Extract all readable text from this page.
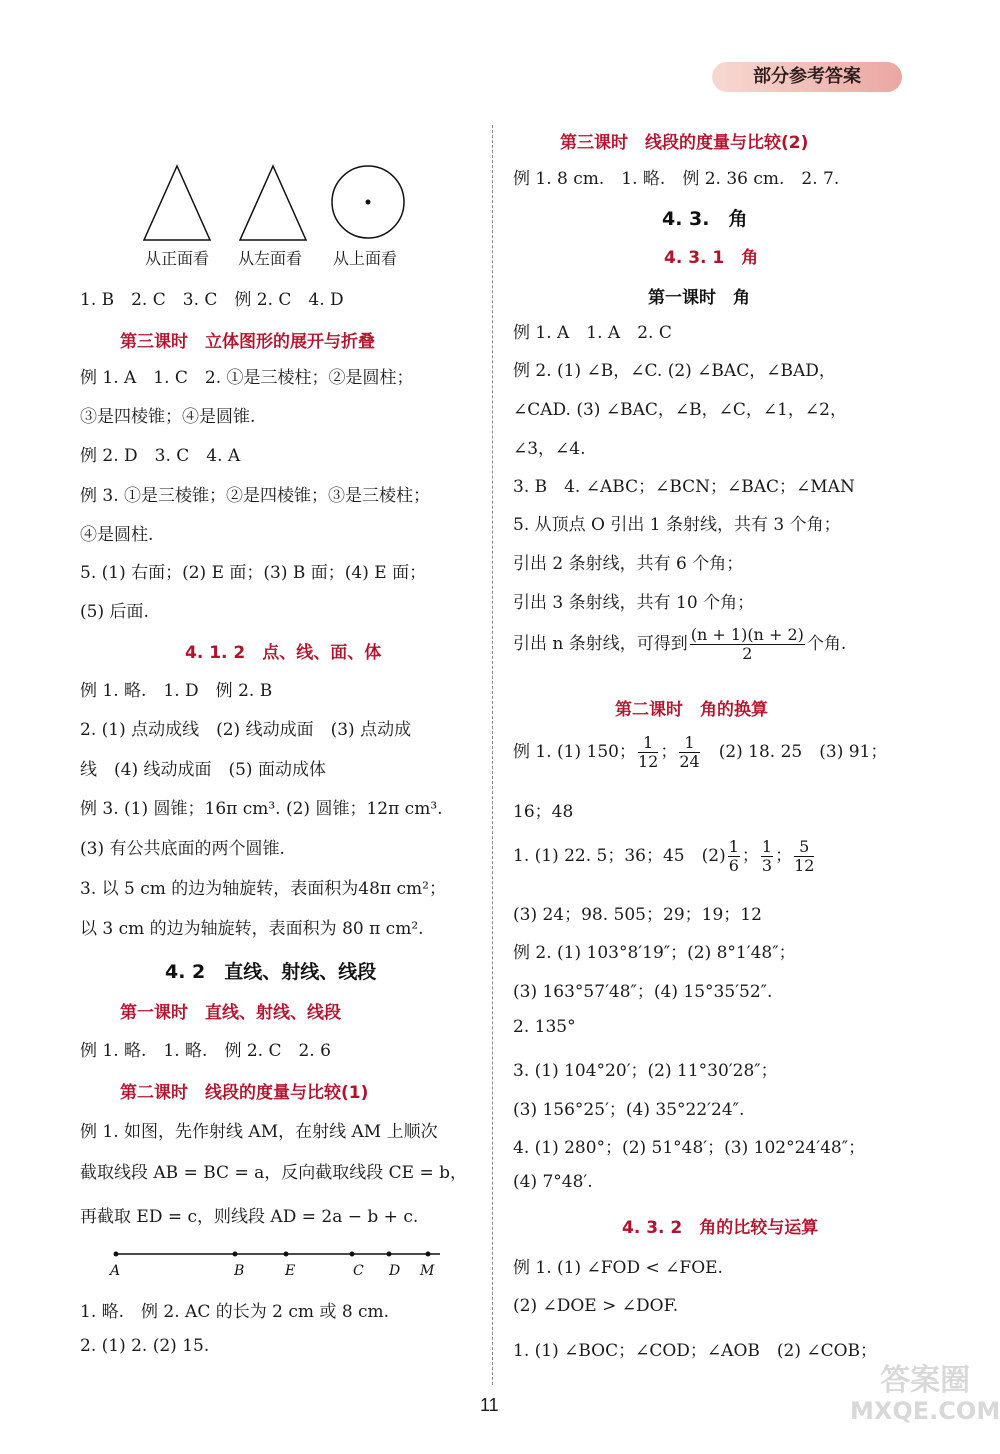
部分参考答案
从正面看 从左面看 从上面看
1. B　2. C　3. C　例 2. C　4. D
第三课时　立体图形的展开与折叠
例 1. A　1. C　2. ①是三棱柱；②是圆柱；
③是四棱锥；④是圆锥.
例 2. D　3. C　4. A
例 3. ①是三棱锥；②是四棱锥；③是三棱柱；
④是圆柱.
5. (1) 右面；(2) E 面；(3) B 面；(4) E 面；
(5) 后面.
4. 1. 2　点、线、面、体
例 1. 略.　1. D　例 2. B
2. (1) 点动成线　(2) 线动成面　(3) 点动成
线　(4) 线动成面　(5) 面动成体
例 3. (1) 圆锥；16π cm³. (2) 圆锥；12π cm³.
(3) 有公共底面的两个圆锥.
3. 以 5 cm 的边为轴旋转，表面积为48π cm²；
以 3 cm 的边为轴旋转，表面积为 80 π cm².
4. 2　直线、射线、线段
第一课时　直线、射线、线段
例 1. 略.　1. 略.　例 2. C　2. 6
第二课时　线段的度量与比较(1)
例 1. 如图，先作射线 AM，在射线 AM 上顺次
截取线段 AB = BC = a，反向截取线段 CE = b，
再截取 ED = c，则线段 AD = 2a − b + c.
A	B	E	C D M
1. 略.　例 2. AC 的长为 2 cm 或 8 cm.
2. (1) 2. (2) 15.
第三课时　线段的度量与比较(2)
例 1. 8 cm.　1. 略.　例 2. 36 cm.　2. 7.
4. 3.　角
4. 3. 1　角
第一课时　角
例 1. A　1. A　2. C
例 2. (1) ∠B，∠C. (2) ∠BAC，∠BAD，
∠CAD. (3) ∠BAC，∠B，∠C，∠1，∠2，
∠3，∠4.
3. B　4. ∠ABC；∠BCN；∠BAC；∠MAN
5. 从顶点 O 引出 1 条射线，共有 3 个角；
引出 2 条射线，共有 6 个角；
引出 3 条射线，共有 10 个角；
引出 n 条射线，可得到 $\frac{(n + 1)(n + 2)}{2}$ 个角.
第二课时　角的换算
例 1. (1) 150； $\frac{1}{12}$ ； $\frac{1}{24}$
　 (2) 18. 25　(3) 91；
16；48
1. (1) 22. 5；36；45　$(2) \frac{1}{6}$ ； $\frac{1}{3}$ ； $\frac{5}{12}$
(3) 24；98. 505；29；19；12
例 2. (1) 103°8′19″；(2) 8°1′48″；
(3) 163°57′48″；(4) 15°35′52″.
2. 135°
3. (1) 104°20′；(2) 11°30′28″；
(3) 156°25′；(4) 35°22′24″.
4. (1) 280°；(2) 51°48′；(3) 102°24′48″；
(4) 7°48′.
4. 3. 2　角的比较与运算
例 1. (1) ∠FOD < ∠FOE.
(2) ∠DOE > ∠DOF.
1. (1) ∠BOC；∠COD；∠AOB　(2) ∠COB；
11
答案圈
MXQE.COM
